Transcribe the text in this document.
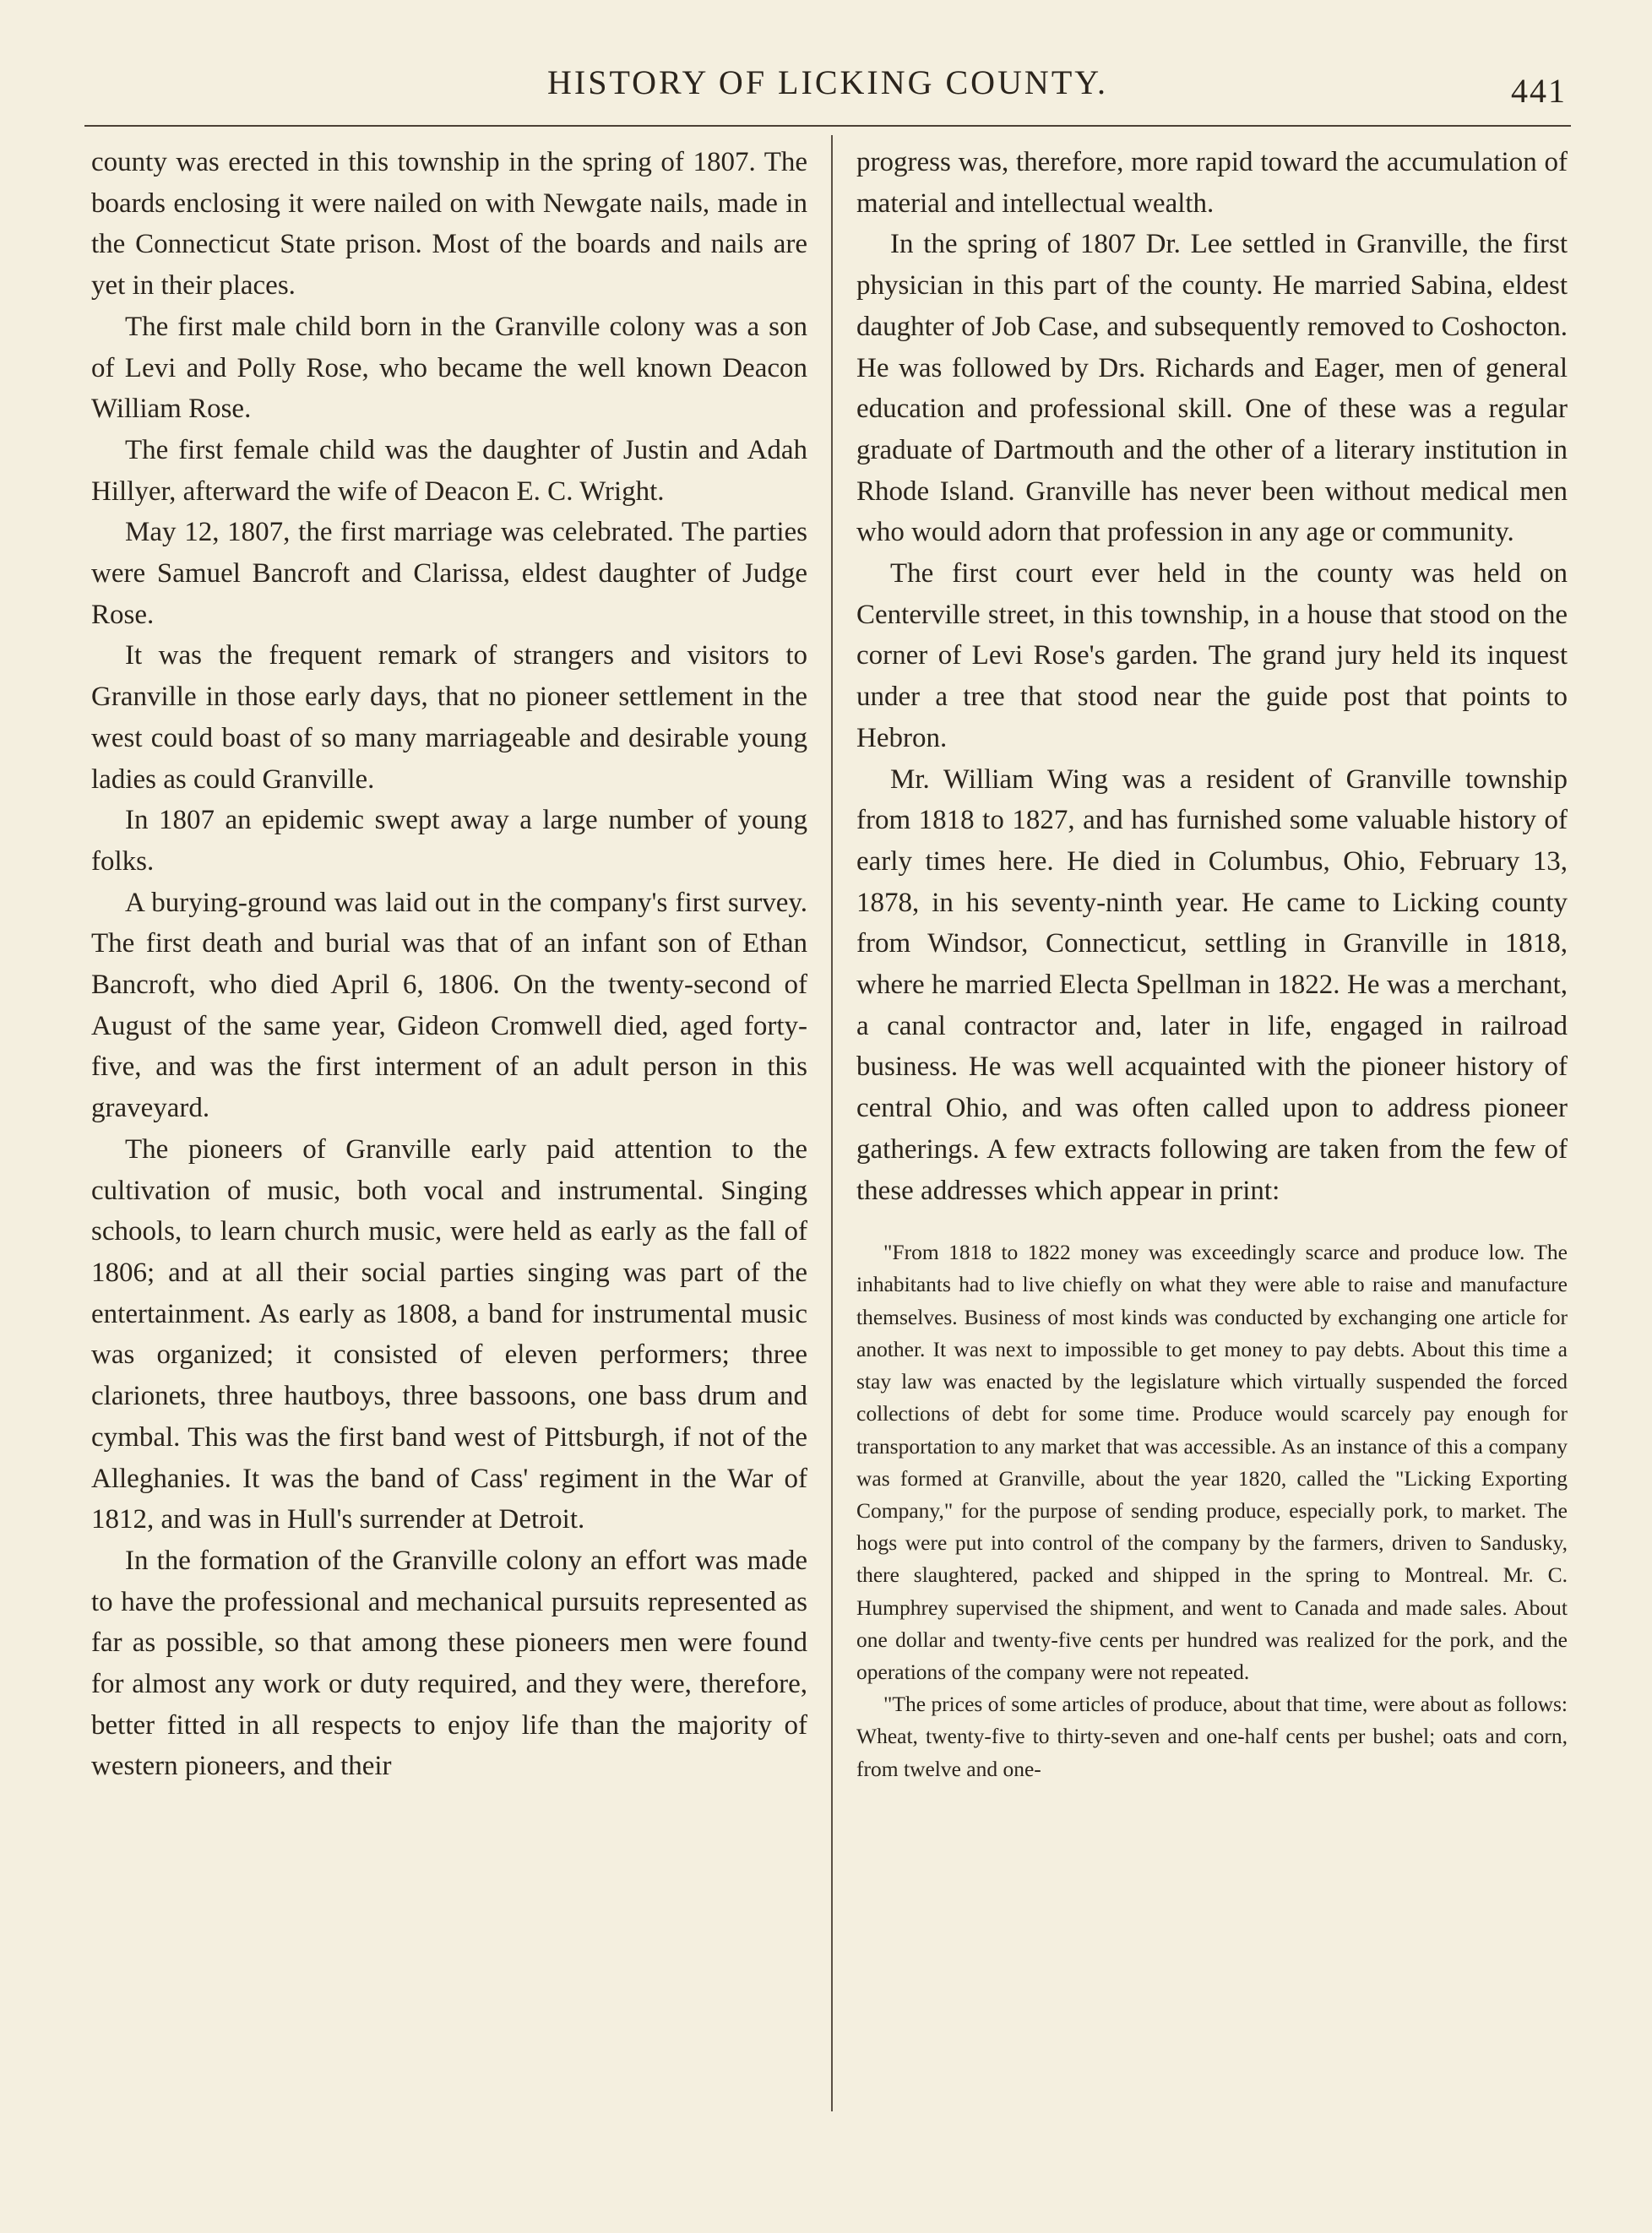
HISTORY OF LICKING COUNTY.	441

county was erected in this township in the spring of 1807. The boards enclosing it were nailed on with Newgate nails, made in the Connecticut State prison. Most of the boards and nails are yet in their places.

The first male child born in the Granville colony was a son of Levi and Polly Rose, who became the well known Deacon William Rose.

The first female child was the daughter of Justin and Adah Hillyer, afterward the wife of Deacon E. C. Wright.

May 12, 1807, the first marriage was celebrated. The parties were Samuel Bancroft and Clarissa, eldest daughter of Judge Rose.

It was the frequent remark of strangers and visitors to Granville in those early days, that no pioneer settlement in the west could boast of so many marriageable and desirable young ladies as could Granville.

In 1807 an epidemic swept away a large number of young folks.

A burying-ground was laid out in the company's first survey. The first death and burial was that of an infant son of Ethan Bancroft, who died April 6, 1806. On the twenty-second of August of the same year, Gideon Cromwell died, aged forty-five, and was the first interment of an adult person in this graveyard.

The pioneers of Granville early paid attention to the cultivation of music, both vocal and instrumental. Singing schools, to learn church music, were held as early as the fall of 1806; and at all their social parties singing was part of the entertainment. As early as 1808, a band for instrumental music was organized; it consisted of eleven performers; three clarionets, three hautboys, three bassoons, one bass drum and cymbal. This was the first band west of Pittsburgh, if not of the Alleghanies. It was the band of Cass' regiment in the War of 1812, and was in Hull's surrender at Detroit.

In the formation of the Granville colony an effort was made to have the professional and mechanical pursuits represented as far as possible, so that among these pioneers men were found for almost any work or duty required, and they were, therefore, better fitted in all respects to enjoy life than the majority of western pioneers, and their

progress was, therefore, more rapid toward the accumulation of material and intellectual wealth.

In the spring of 1807 Dr. Lee settled in Granville, the first physician in this part of the county. He married Sabina, eldest daughter of Job Case, and subsequently removed to Coshocton. He was followed by Drs. Richards and Eager, men of general education and professional skill. One of these was a regular graduate of Dartmouth and the other of a literary institution in Rhode Island. Granville has never been without medical men who would adorn that profession in any age or community.

The first court ever held in the county was held on Centerville street, in this township, in a house that stood on the corner of Levi Rose's garden. The grand jury held its inquest under a tree that stood near the guide post that points to Hebron.

Mr. William Wing was a resident of Granville township from 1818 to 1827, and has furnished some valuable history of early times here. He died in Columbus, Ohio, February 13, 1878, in his seventy-ninth year. He came to Licking county from Windsor, Connecticut, settling in Granville in 1818, where he married Electa Spellman in 1822. He was a merchant, a canal contractor and, later in life, engaged in railroad business. He was well acquainted with the pioneer history of central Ohio, and was often called upon to address pioneer gatherings. A few extracts following are taken from the few of these addresses which appear in print:

"From 1818 to 1822 money was exceedingly scarce and produce low. The inhabitants had to live chiefly on what they were able to raise and manufacture themselves. Business of most kinds was conducted by exchanging one article for another. It was next to impossible to get money to pay debts. About this time a stay law was enacted by the legislature which virtually suspended the forced collections of debt for some time. Produce would scarcely pay enough for transportation to any market that was accessible. As an instance of this a company was formed at Granville, about the year 1820, called the "Licking Exporting Company," for the purpose of sending produce, especially pork, to market. The hogs were put into control of the company by the farmers, driven to Sandusky, there slaughtered, packed and shipped in the spring to Montreal. Mr. C. Humphrey supervised the shipment, and went to Canada and made sales. About one dollar and twenty-five cents per hundred was realized for the pork, and the operations of the company were not repeated.

"The prices of some articles of produce, about that time, were about as follows: Wheat, twenty-five to thirty-seven and one-half cents per bushel; oats and corn, from twelve and one-
